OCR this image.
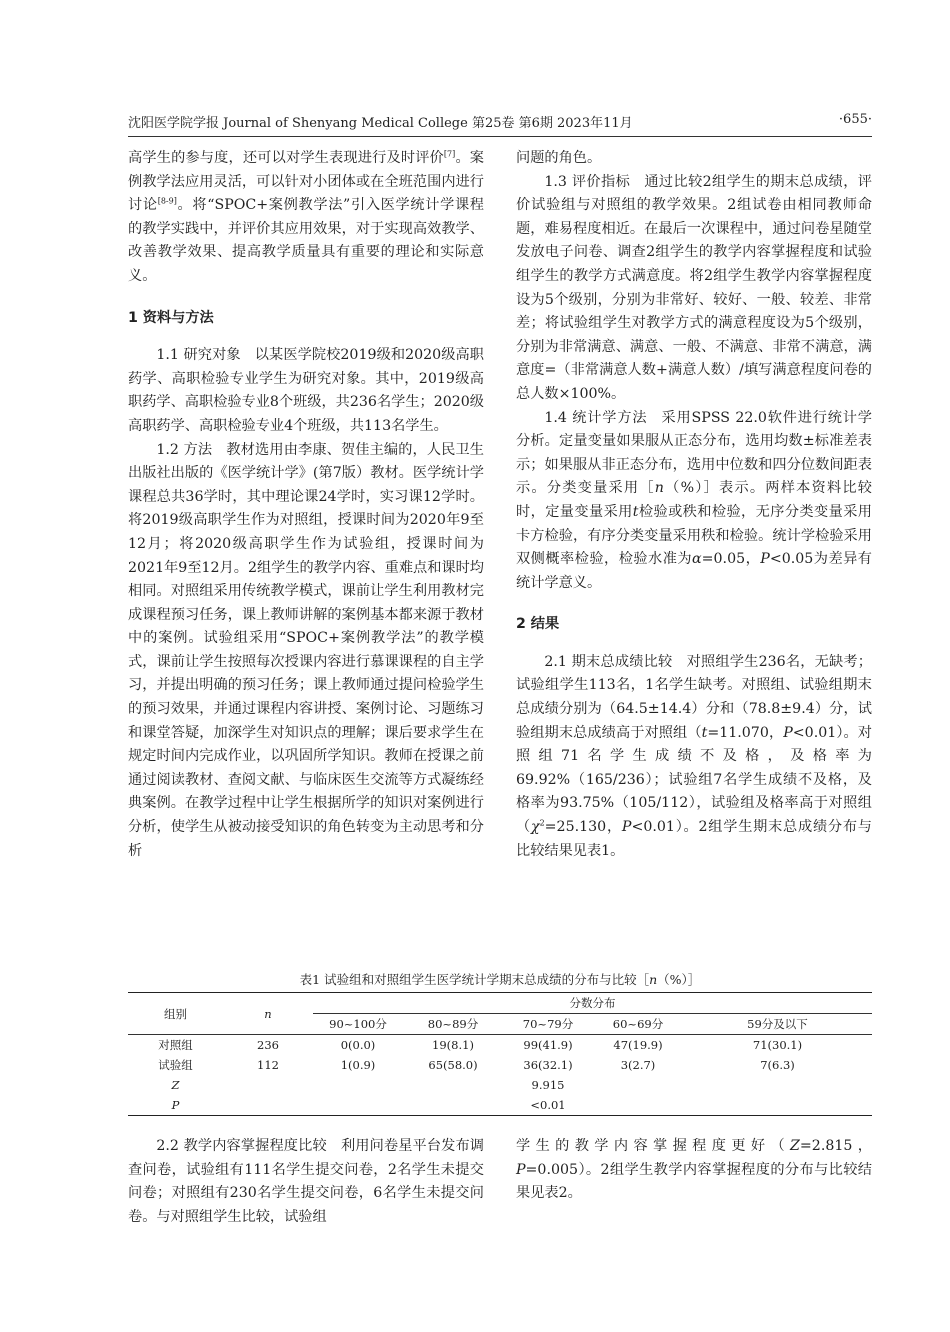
沈阳医学院学报 Journal of Shenyang Medical College 第25卷 第6期 2023年11月	·655·

高学生的参与度，还可以对学生表现进行及时评价[7]。案例教学法应用灵活，可以针对小团体或在全班范围内进行讨论[8-9]。将“SPOC+案例教学法”引入医学统计学课程的教学实践中，并评价其应用效果，对于实现高效教学、改善教学效果、提高教学质量具有重要的理论和实际意义。

1 资料与方法

1.1 研究对象 以某医学院校2019级和2020级高职药学、高职检验专业学生为研究对象。其中，2019级高职药学、高职检验专业8个班级，共236名学生；2020级高职药学、高职检验专业4个班级，共113名学生。

1.2 方法 教材选用由李康、贺佳主编的，人民卫生出版社出版的《医学统计学》(第7版）教材。医学统计学课程总共36学时，其中理论课24学时，实习课12学时。将2019级高职学生作为对照组，授课时间为2020年9至12月；将2020级高职学生作为试验组，授课时间为2021年9至12月。2组学生的教学内容、重难点和课时均相同。对照组采用传统教学模式，课前让学生利用教材完成课程预习任务，课上教师讲解的案例基本都来源于教材中的案例。试验组采用“SPOC+案例教学法”的教学模式，课前让学生按照每次授课内容进行慕课课程的自主学习，并提出明确的预习任务；课上教师通过提问检验学生的预习效果，并通过课程内容讲授、案例讨论、习题练习和课堂答疑，加深学生对知识点的理解；课后要求学生在规定时间内完成作业，以巩固所学知识。教师在授课之前通过阅读教材、查阅文献、与临床医生交流等方式凝练经典案例。在教学过程中让学生根据所学的知识对案例进行分析，使学生从被动接受知识的角色转变为主动思考和分析

问题的角色。

1.3 评价指标 通过比较2组学生的期末总成绩，评价试验组与对照组的教学效果。2组试卷由相同教师命题，难易程度相近。在最后一次课程中，通过问卷星随堂发放电子问卷、调查2组学生的教学内容掌握程度和试验组学生的教学方式满意度。将2组学生教学内容掌握程度设为5个级别，分别为非常好、较好、一般、较差、非常差；将试验组学生对教学方式的满意程度设为5个级别，分别为非常满意、满意、一般、不满意、非常不满意，满意度=（非常满意人数+满意人数）/填写满意程度问卷的总人数×100%。

1.4 统计学方法 采用SPSS 22.0软件进行统计学分析。定量变量如果服从正态分布，选用均数±标准差表示；如果服从非正态分布，选用中位数和四分位数间距表示。分类变量采用［n（%）］表示。两样本资料比较时，定量变量采用t检验或秩和检验，无序分类变量采用卡方检验，有序分类变量采用秩和检验。统计学检验采用双侧概率检验，检验水准为α=0.05，P<0.05为差异有统计学意义。

2 结果

2.1 期末总成绩比较 对照组学生236名，无缺考；试验组学生113名，1名学生缺考。对照组、试验组期末总成绩分别为（64.5±14.4）分和（78.8±9.4）分，试验组期末总成绩高于对照组（t=11.070，P<0.01）。对照组71名学生成绩不及格，及格率为69.92%（165/236）；试验组7名学生成绩不及格，及格率为93.75%（105/112），试验组及格率高于对照组（$\chi^2=25.130$，P<0.01）。2组学生期末总成绩分布与比较结果见表1。

表1 试验组和对照组学生医学统计学期末总成绩的分布与比较［n（%）］
组别	n	分数分布				
		90~100分	80~89分	70~79分	60~69分	59分及以下
对照组	236	0(0.0)	19(8.1)	99(41.9)	47(19.9)	71(30.1)
试验组	112	1(0.9)	65(58.0)	36(32.1)	3(2.7)	7(6.3)
Z				9.915		
P				<0.01		

2.2 教学内容掌握程度比较 利用问卷星平台发布调查问卷，试验组有111名学生提交问卷，2名学生未提交问卷；对照组有230名学生提交问卷，6名学生未提交问卷。与对照组学生比较，试验组

学生的教学内容掌握程度更好（Z=2.815，P=0.005）。2组学生教学内容掌握程度的分布与比较结果见表2。
